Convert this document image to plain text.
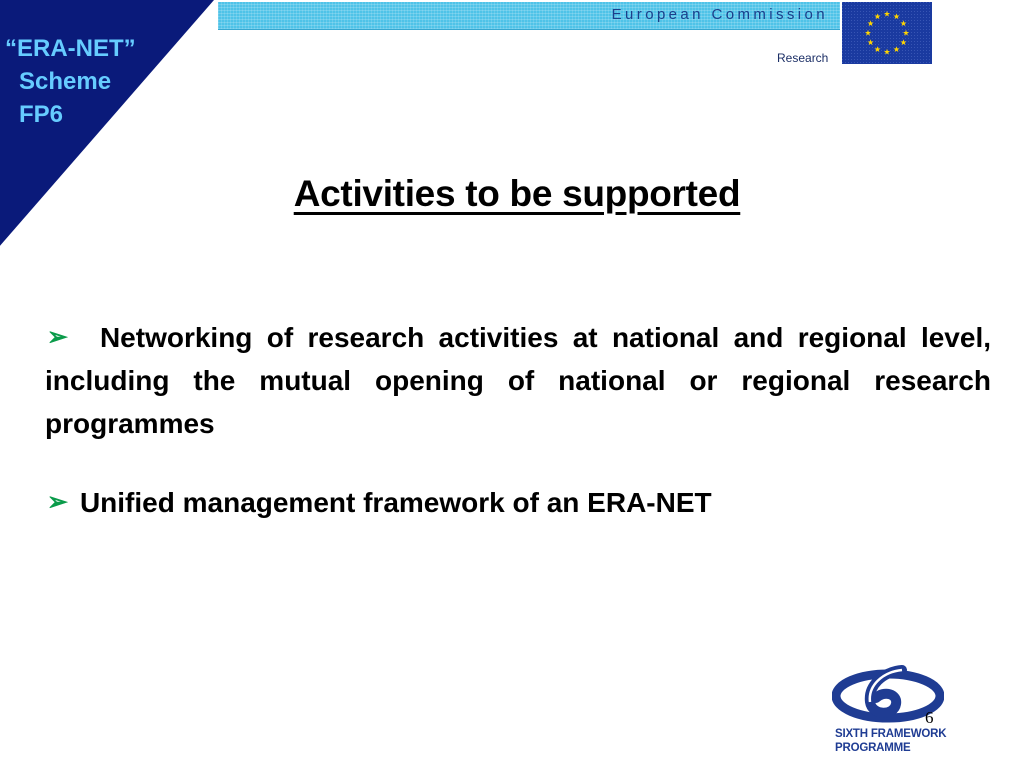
“ERA-NET”
Scheme
FP6
European Commission
Research
Activities to be supported

➢ Networking of research activities at national and regional level, including the mutual opening of national or regional research programmes

➢ Unified management framework of an ERA-NET

SIXTH FRAMEWORK
PROGRAMME
6
